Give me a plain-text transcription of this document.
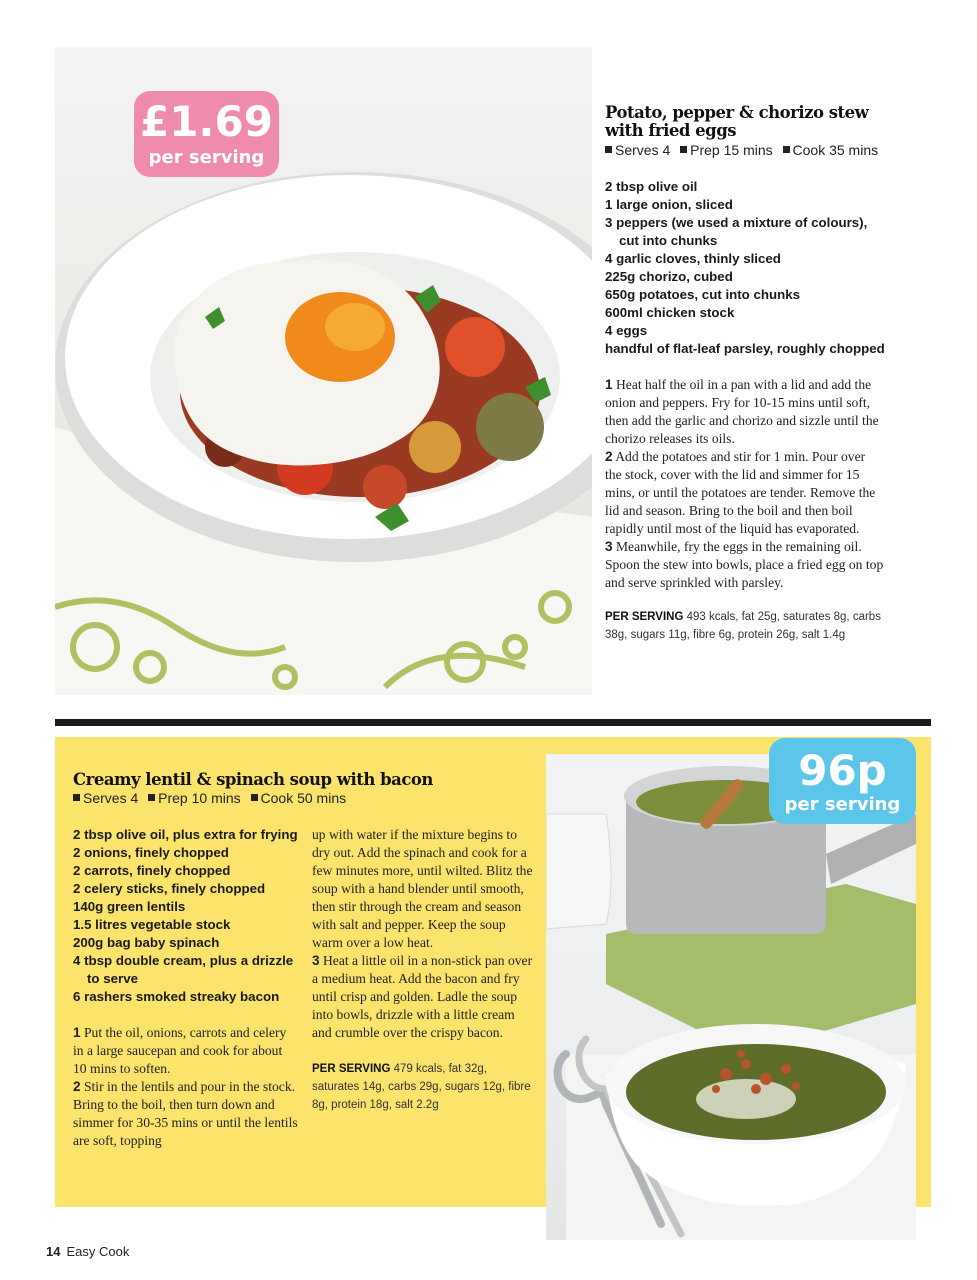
£1.69
per serving
Potato, pepper & chorizo stew
with fried eggs
Serves 4 Prep 15 mins Cook 35 mins
2 tbsp olive oil
1 large onion, sliced
3 peppers (we used a mixture of colours), cut into chunks
4 garlic cloves, thinly sliced
225g chorizo, cubed
650g potatoes, cut into chunks
600ml chicken stock
4 eggs
handful of flat-leaf parsley, roughly chopped
1 Heat half the oil in a pan with a lid and add the onion and peppers. Fry for 10-15 mins until soft, then add the garlic and chorizo and sizzle until the chorizo releases its oils.
2 Add the potatoes and stir for 1 min. Pour over the stock, cover with the lid and simmer for 15 mins, or until the potatoes are tender. Remove the lid and season. Bring to the boil and then boil rapidly until most of the liquid has evaporated.
3 Meanwhile, fry the eggs in the remaining oil. Spoon the stew into bowls, place a fried egg on top and serve sprinkled with parsley.
PER SERVING 493 kcals, fat 25g, saturates 8g, carbs 38g, sugars 11g, fibre 6g, protein 26g, salt 1.4g
96p
per serving
Creamy lentil & spinach soup with bacon
Serves 4 Prep 10 mins Cook 50 mins
2 tbsp olive oil, plus extra for frying
2 onions, finely chopped
2 carrots, finely chopped
2 celery sticks, finely chopped
140g green lentils
1.5 litres vegetable stock
200g bag baby spinach
4 tbsp double cream, plus a drizzle to serve
6 rashers smoked streaky bacon
1 Put the oil, onions, carrots and celery in a large saucepan and cook for about 10 mins to soften.
2 Stir in the lentils and pour in the stock. Bring to the boil, then turn down and simmer for 30-35 mins or until the lentils are soft, topping
up with water if the mixture begins to dry out. Add the spinach and cook for a few minutes more, until wilted. Blitz the soup with a hand blender until smooth, then stir through the cream and season with salt and pepper. Keep the soup warm over a low heat.
3 Heat a little oil in a non-stick pan over a medium heat. Add the bacon and fry until crisp and golden. Ladle the soup into bowls, drizzle with a little cream and crumble over the crispy bacon.
PER SERVING 479 kcals, fat 32g, saturates 14g, carbs 29g, sugars 12g, fibre 8g, protein 18g, salt 2.2g
14 Easy Cook
